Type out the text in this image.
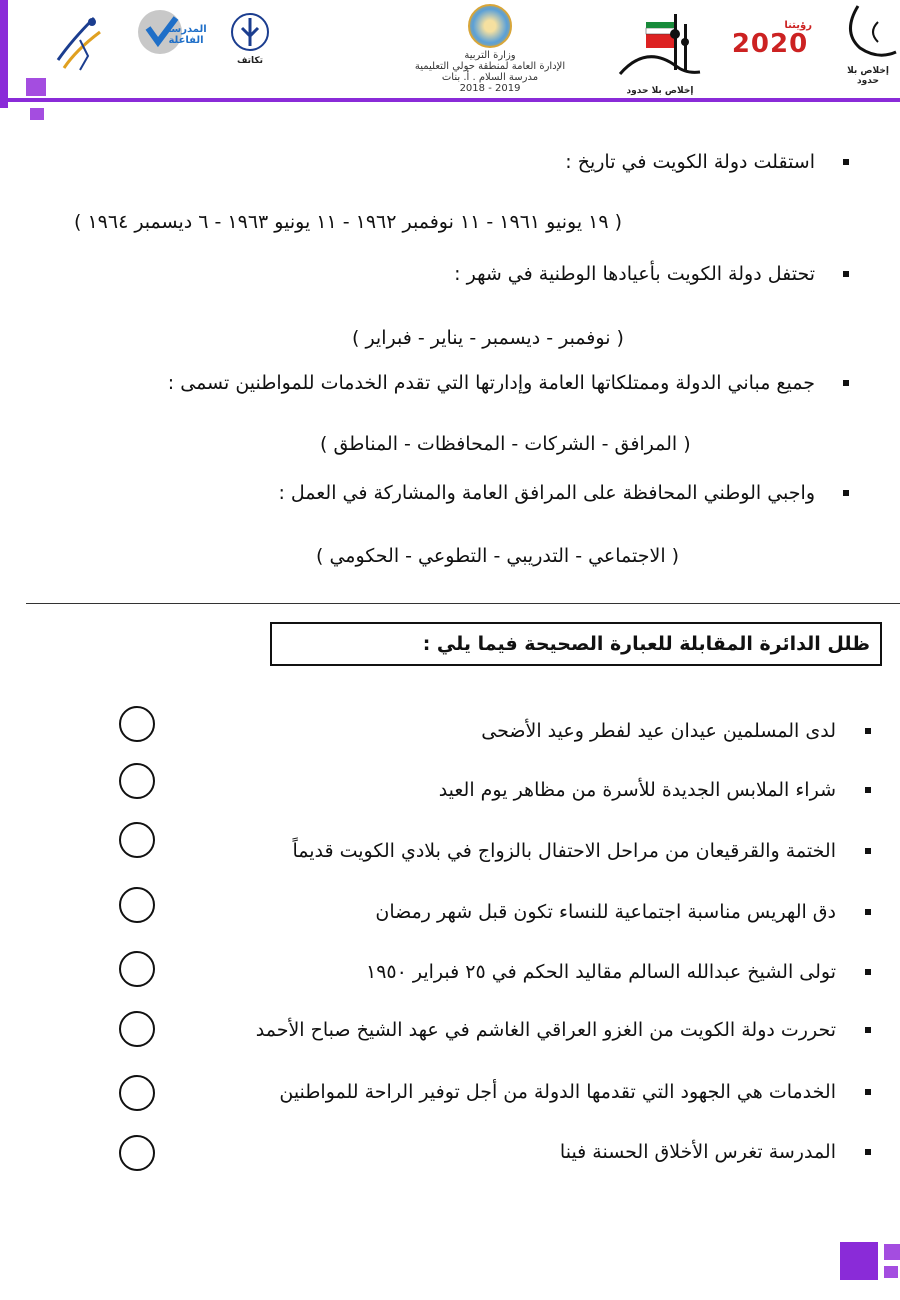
المدرسة الفاعلة
تكاتف	وزارة التربية
الإدارة العامة لمنطقة حولي التعليمية
مدرسة السلام . أ. بنات
2018 - 2019	إخلاص بلا حدود
رؤيتنا
2020
إخلاص بلا حدود
استقلت دولة الكويت في تاريخ :
( ١٩ يونيو ١٩٦١ - ١١ نوفمبر ١٩٦٢ - ١١ يونيو ١٩٦٣ - ٦ ديسمبر ١٩٦٤ )
تحتفل دولة الكويت بأعيادها الوطنية في شهر :
( نوفمبر - ديسمبر - يناير - فبراير )
جميع مباني الدولة وممتلكاتها العامة وإدارتها التي تقدم الخدمات للمواطنين تسمى :
( المرافق - الشركات - المحافظات - المناطق )
واجبي الوطني المحافظة على المرافق العامة والمشاركة في العمل :
( الاجتماعي - التدريبي - التطوعي - الحكومي )
ظلل الدائرة المقابلة للعبارة الصحيحة فيما يلي :
لدى المسلمين عيدان عيد لفطر وعيد الأضحى
شراء الملابس الجديدة للأسرة من مظاهر يوم العيد
الختمة والقرقيعان من مراحل الاحتفال بالزواج في بلادي الكويت قديماً
دق الهريس مناسبة اجتماعية للنساء تكون قبل شهر رمضان
تولى الشيخ عبدالله السالم مقاليد الحكم في ٢٥ فبراير ١٩٥٠
تحررت دولة الكويت من الغزو العراقي الغاشم في عهد الشيخ صباح الأحمد
الخدمات هي الجهود التي تقدمها الدولة من أجل توفير الراحة للمواطنين
المدرسة تغرس الأخلاق الحسنة فينا
